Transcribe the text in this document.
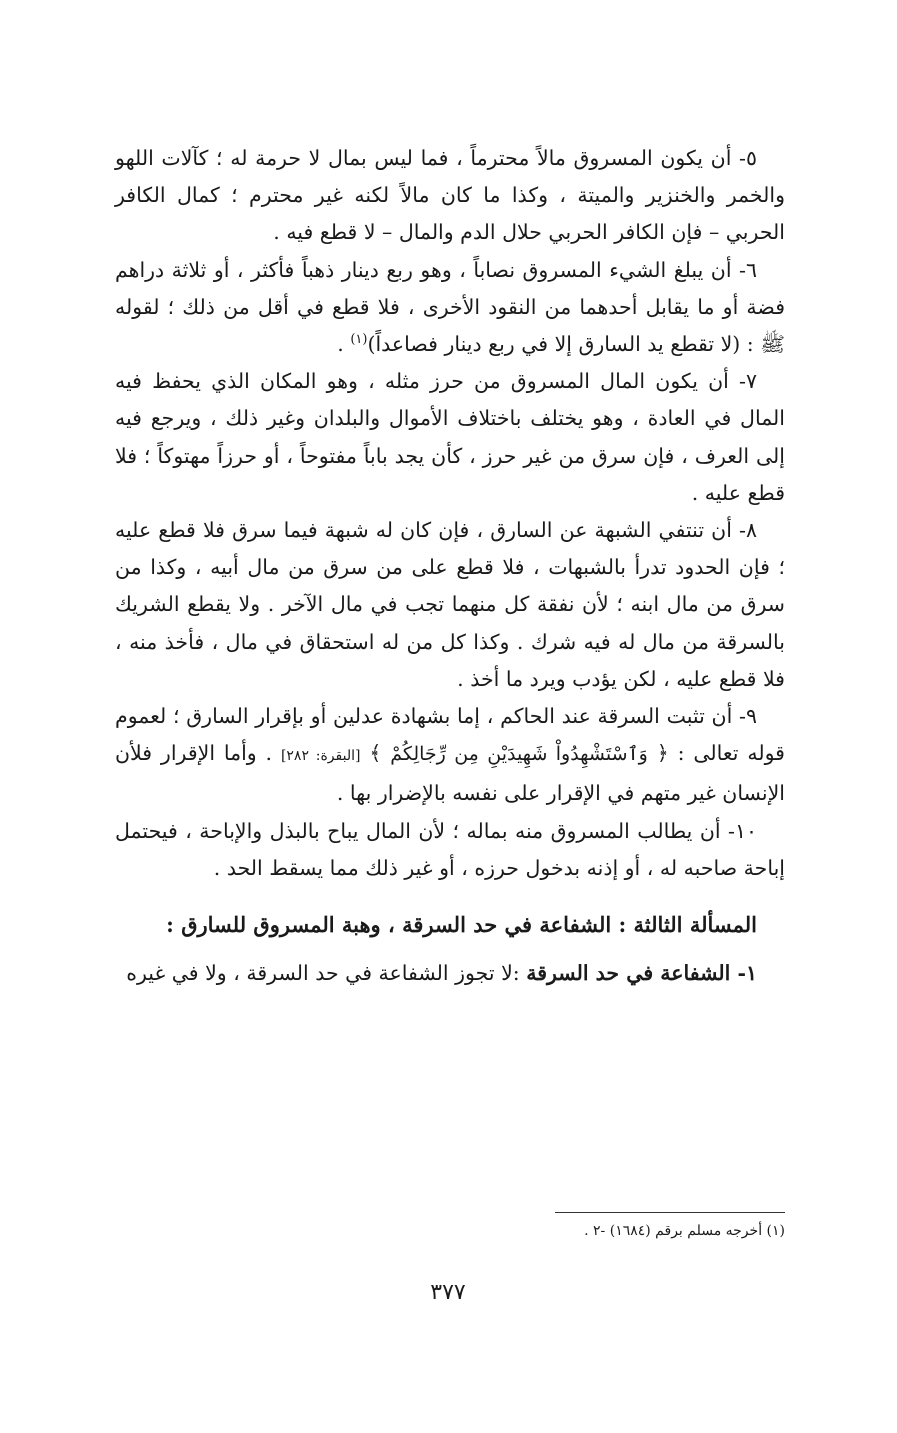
٥- أن يكون المسروق مالاً محترماً ، فما ليس بمال لا حرمة له ؛ كآلات اللهو والخمر والخنزير والميتة ، وكذا ما كان مالاً لكنه غير محترم ؛ كمال الكافر الحربي – فإن الكافر الحربي حلال الدم والمال – لا قطع فيه .

٦- أن يبلغ الشيء المسروق نصاباً ، وهو ربع دينار ذهباً فأكثر ، أو ثلاثة دراهم فضة أو ما يقابل أحدهما من النقود الأخرى ، فلا قطع في أقل من ذلك ؛ لقوله ﷺ : (لا تقطع يد السارق إلا في ربع دينار فصاعداً)$^{(١)}$ .

٧- أن يكون المال المسروق من حرز مثله ، وهو المكان الذي يحفظ فيه المال في العادة ، وهو يختلف باختلاف الأموال والبلدان وغير ذلك ، ويرجع فيه إلى العرف ، فإن سرق من غير حرز ، كأن يجد باباً مفتوحاً ، أو حرزاً مهتوكاً ؛ فلا قطع عليه .

٨- أن تنتفي الشبهة عن السارق ، فإن كان له شبهة فيما سرق فلا قطع عليه ؛ فإن الحدود تدرأ بالشبهات ، فلا قطع على من سرق من مال أبيه ، وكذا من سرق من مال ابنه ؛ لأن نفقة كل منهما تجب في مال الآخر . ولا يقطع الشريك بالسرقة من مال له فيه شرك . وكذا كل من له استحقاق في مال ، فأخذ منه ، فلا قطع عليه ، لكن يؤدب ويرد ما أخذ .

٩- أن تثبت السرقة عند الحاكم ، إما بشهادة عدلين أو بإقرار السارق ؛ لعموم قوله تعالى : ﴿ وَٱسْتَشْهِدُواْ شَهِيدَيْنِ مِن رِّجَالِكُمْ ﴾ [البقرة: ٢٨٢] . وأما الإقرار فلأن الإنسان غير متهم في الإقرار على نفسه بالإضرار بها .

١٠- أن يطالب المسروق منه بماله ؛ لأن المال يباح بالبذل والإباحة ، فيحتمل إباحة صاحبه له ، أو إذنه بدخول حرزه ، أو غير ذلك مما يسقط الحد .

المسألة الثالثة : الشفاعة في حد السرقة ، وهبة المسروق للسارق :

١- الشفاعة في حد السرقة :لا تجوز الشفاعة في حد السرقة ، ولا في غيره

(١) أخرجه مسلم برقم (١٦٨٤) -٢ .
٣٧٧
